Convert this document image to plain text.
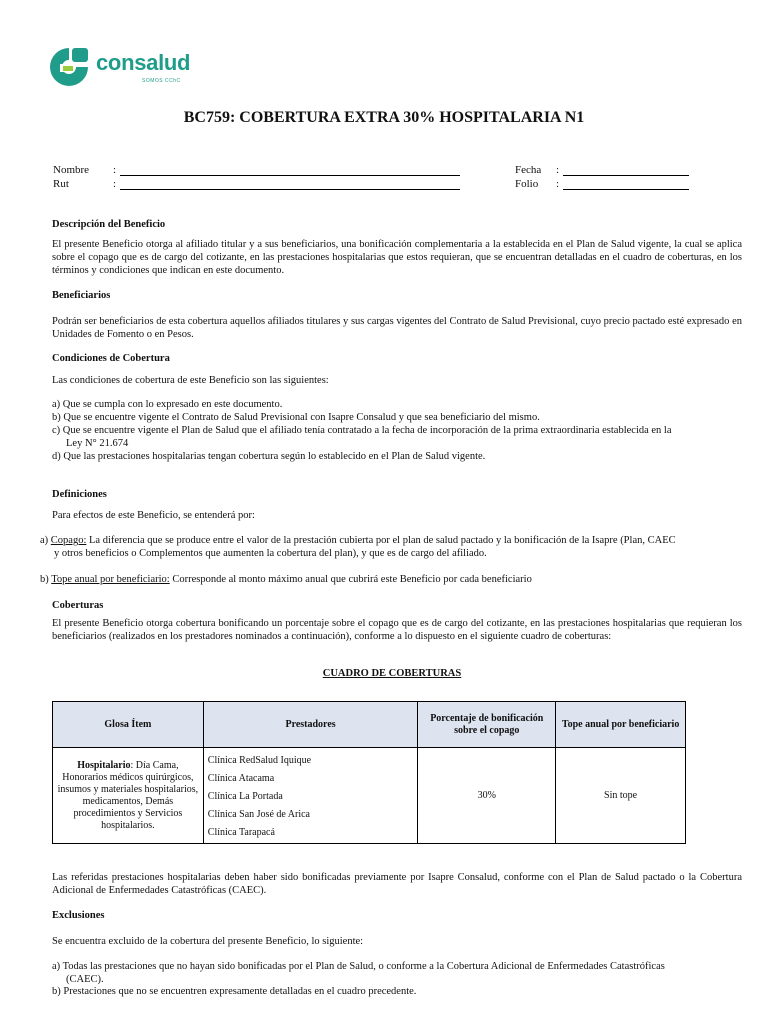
consalud
SOMOS CChC
BC759: COBERTURA EXTRA 30% HOSPITALARIA N1
Nombre :
Rut	:
Fecha :
Folio :
Descripción del Beneficio
El presente Beneficio otorga al afiliado titular y a sus beneficiarios, una bonificación complementaria a la establecida en el Plan de Salud vigente, la cual se aplica sobre el copago que es de cargo del cotizante, en las prestaciones hospitalarias que estos requieran, que se encuentran detalladas en el cuadro de coberturas, en los términos y condiciones que indican en este documento.
Beneficiarios
Podrán ser beneficiarios de esta cobertura aquellos afiliados titulares y sus cargas vigentes del Contrato de Salud Previsional, cuyo precio pactado esté expresado en Unidades de Fomento o en Pesos.
Condiciones de Cobertura
Las condiciones de cobertura de este Beneficio son las siguientes:
a) Que se cumpla con lo expresado en este documento.
b) Que se encuentre vigente el Contrato de Salud Previsional con Isapre Consalud y que sea beneficiario del mismo.
c) Que se encuentre vigente el Plan de Salud que el afiliado tenía contratado a la fecha de incorporación de la prima extraordinaria establecida en la
Ley N° 21.674
d) Que las prestaciones hospitalarias tengan cobertura según lo establecido en el Plan de Salud vigente.
Definiciones
Para efectos de este Beneficio, se entenderá por:
a) Copago: La diferencia que se produce entre el valor de la prestación cubierta por el plan de salud pactado y la bonificación de la Isapre (Plan, CAEC
y otros beneficios o Complementos que aumenten la cobertura del plan), y que es de cargo del afiliado.
b) Tope anual por beneficiario: Corresponde al monto máximo anual que cubrirá este Beneficio por cada beneficiario
Coberturas
El presente Beneficio otorga cobertura bonificando un porcentaje sobre el copago que es de cargo del cotizante, en las prestaciones hospitalarias que requieran los beneficiarios (realizados en los prestadores nominados a continuación), conforme a lo dispuesto en el siguiente cuadro de coberturas:
CUADRO DE COBERTURAS
Glosa Ítem	Prestadores	Porcentaje de bonificación sobre el copago	Tope anual por beneficiario
Hospitalario: Día Cama, Honorarios médicos quirúrgicos, insumos y materiales hospitalarios, medicamentos, Demás procedimientos y Servicios hospitalarios.	Clínica RedSalud Iquique
Clínica Atacama
Clínica La Portada
Clínica San José de Arica
Clínica Tarapacá	30%	Sin tope
Las referidas prestaciones hospitalarias deben haber sido bonificadas previamente por Isapre Consalud, conforme con el Plan de Salud pactado o la Cobertura Adicional de Enfermedades Catastróficas (CAEC).
Exclusiones
Se encuentra excluido de la cobertura del presente Beneficio, lo siguiente:
a) Todas las prestaciones que no hayan sido bonificadas por el Plan de Salud, o conforme a la Cobertura Adicional de Enfermedades Catastróficas
(CAEC).
b) Prestaciones que no se encuentren expresamente detalladas en el cuadro precedente.
